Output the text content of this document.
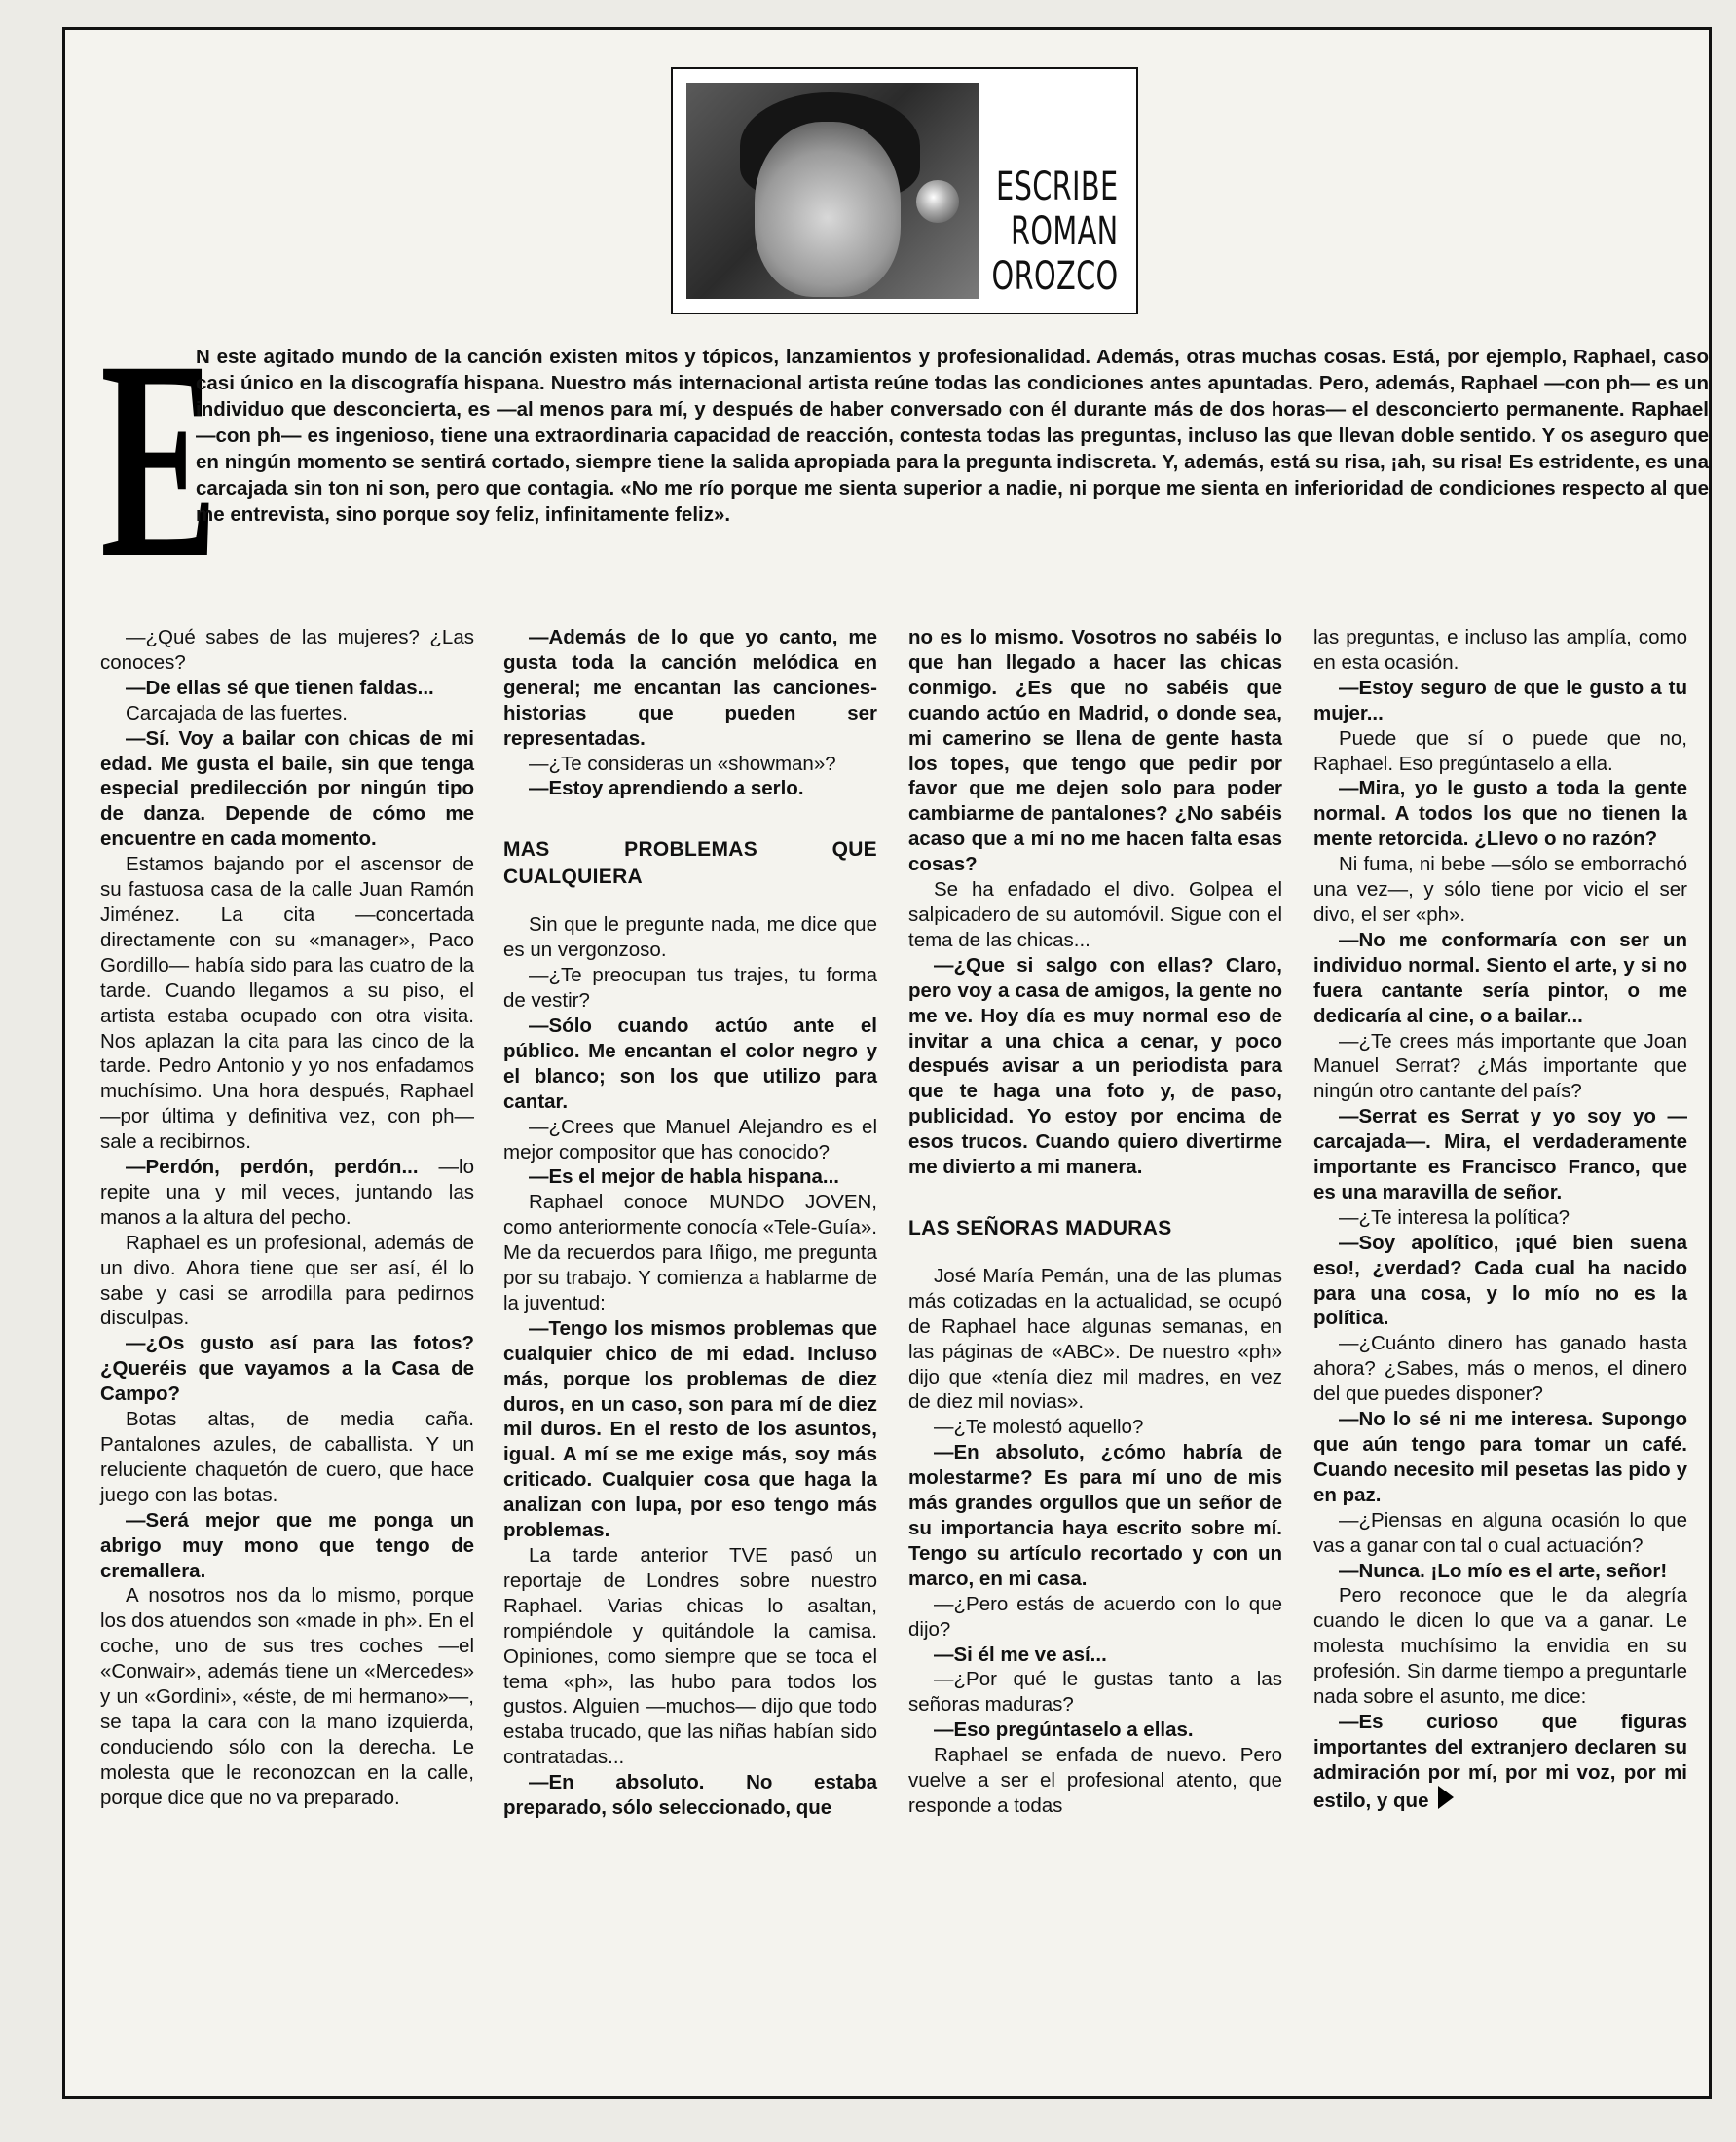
ESCRIBE
ROMAN
OROZCO
E

N este agitado mundo de la canción existen mitos y tópicos, lanzamientos y profesionalidad. Además, otras muchas cosas. Está, por ejemplo, Raphael, caso casi único en la discografía hispana. Nuestro más internacional artista reúne todas las condiciones antes apuntadas. Pero, además, Raphael —con ph— es un individuo que desconcierta, es —al menos para mí, y después de haber conversado con él durante más de dos horas— el desconcierto permanente. Raphael —con ph— es ingenioso, tiene una extraordinaria capacidad de reacción, contesta todas las preguntas, incluso las que llevan doble sentido. Y os aseguro que en ningún momento se sentirá cortado, siempre tiene la salida apropiada para la pregunta indiscreta. Y, además, está su risa, ¡ah, su risa! Es estridente, es una carcajada sin ton ni son, pero que contagia. «No me río porque me sienta superior a nadie, ni porque me sienta en inferioridad de condiciones respecto al que me entrevista, sino porque soy feliz, infinitamente feliz».

—¿Qué sabes de las mujeres? ¿Las conoces?

—De ellas sé que tienen faldas...

Carcajada de las fuertes.

—Sí. Voy a bailar con chicas de mi edad. Me gusta el baile, sin que tenga especial predilección por ningún tipo de danza. Depende de cómo me encuentre en cada momento.

Estamos bajando por el ascensor de su fastuosa casa de la calle Juan Ramón Jiménez. La cita —concertada directamente con su «manager», Paco Gordillo— había sido para las cuatro de la tarde. Cuando llegamos a su piso, el artista estaba ocupado con otra visita. Nos aplazan la cita para las cinco de la tarde. Pedro Antonio y yo nos enfadamos muchísimo. Una hora después, Raphael —por última y definitiva vez, con ph— sale a recibirnos.

—Perdón, perdón, perdón... —lo repite una y mil veces, juntando las manos a la altura del pecho.

Raphael es un profesional, además de un divo. Ahora tiene que ser así, él lo sabe y casi se arrodilla para pedirnos disculpas.

—¿Os gusto así para las fotos? ¿Queréis que vayamos a la Casa de Campo?

Botas altas, de media caña. Pantalones azules, de caballista. Y un reluciente chaquetón de cuero, que hace juego con las botas.

—Será mejor que me ponga un abrigo muy mono que tengo de cremallera.

A nosotros nos da lo mismo, porque los dos atuendos son «made in ph». En el coche, uno de sus tres coches —el «Conwair», además tiene un «Mercedes» y un «Gordini», «éste, de mi hermano»—, se tapa la cara con la mano izquierda, conduciendo sólo con la derecha. Le molesta que le reconozcan en la calle, porque dice que no va preparado.

—Además de lo que yo canto, me gusta toda la canción melódica en general; me encantan las canciones-historias que pueden ser representadas.

—¿Te consideras un «showman»?

—Estoy aprendiendo a serlo.

MAS PROBLEMAS QUE CUALQUIERA

Sin que le pregunte nada, me dice que es un vergonzoso.

—¿Te preocupan tus trajes, tu forma de vestir?

—Sólo cuando actúo ante el público. Me encantan el color negro y el blanco; son los que utilizo para cantar.

—¿Crees que Manuel Alejandro es el mejor compositor que has conocido?

—Es el mejor de habla hispana...

Raphael conoce MUNDO JOVEN, como anteriormente conocía «Tele-Guía». Me da recuerdos para Iñigo, me pregunta por su trabajo. Y comienza a hablarme de la juventud:

—Tengo los mismos problemas que cualquier chico de mi edad. Incluso más, porque los problemas de diez duros, en un caso, son para mí de diez mil duros. En el resto de los asuntos, igual. A mí se me exige más, soy más criticado. Cualquier cosa que haga la analizan con lupa, por eso tengo más problemas.

La tarde anterior TVE pasó un reportaje de Londres sobre nuestro Raphael. Varias chicas lo asaltan, rompiéndole y quitándole la camisa. Opiniones, como siempre que se toca el tema «ph», las hubo para todos los gustos. Alguien —muchos— dijo que todo estaba trucado, que las niñas habían sido contratadas...

—En absoluto. No estaba preparado, sólo seleccionado, que

no es lo mismo. Vosotros no sabéis lo que han llegado a hacer las chicas conmigo. ¿Es que no sabéis que cuando actúo en Madrid, o donde sea, mi camerino se llena de gente hasta los topes, que tengo que pedir por favor que me dejen solo para poder cambiarme de pantalones? ¿No sabéis acaso que a mí no me hacen falta esas cosas?

Se ha enfadado el divo. Golpea el salpicadero de su automóvil. Sigue con el tema de las chicas...

—¿Que si salgo con ellas? Claro, pero voy a casa de amigos, la gente no me ve. Hoy día es muy normal eso de invitar a una chica a cenar, y poco después avisar a un periodista para que te haga una foto y, de paso, publicidad. Yo estoy por encima de esos trucos. Cuando quiero divertirme me divierto a mi manera.

LAS SEÑORAS MADURAS

José María Pemán, una de las plumas más cotizadas en la actualidad, se ocupó de Raphael hace algunas semanas, en las páginas de «ABC». De nuestro «ph» dijo que «tenía diez mil madres, en vez de diez mil novias».

—¿Te molestó aquello?

—En absoluto, ¿cómo habría de molestarme? Es para mí uno de mis más grandes orgullos que un señor de su importancia haya escrito sobre mí. Tengo su artículo recortado y con un marco, en mi casa.

—¿Pero estás de acuerdo con lo que dijo?

—Si él me ve así...

—¿Por qué le gustas tanto a las señoras maduras?

—Eso pregúntaselo a ellas.

Raphael se enfada de nuevo. Pero vuelve a ser el profesional atento, que responde a todas

las preguntas, e incluso las amplía, como en esta ocasión.

—Estoy seguro de que le gusto a tu mujer...

Puede que sí o puede que no, Raphael. Eso pregúntaselo a ella.

—Mira, yo le gusto a toda la gente normal. A todos los que no tienen la mente retorcida. ¿Llevo o no razón?

Ni fuma, ni bebe —sólo se emborrachó una vez—, y sólo tiene por vicio el ser divo, el ser «ph».

—No me conformaría con ser un individuo normal. Siento el arte, y si no fuera cantante sería pintor, o me dedicaría al cine, o a bailar...

—¿Te crees más importante que Joan Manuel Serrat? ¿Más importante que ningún otro cantante del país?

—Serrat es Serrat y yo soy yo —carcajada—. Mira, el verdaderamente importante es Francisco Franco, que es una maravilla de señor.

—¿Te interesa la política?

—Soy apolítico, ¡qué bien suena eso!, ¿verdad? Cada cual ha nacido para una cosa, y lo mío no es la política.

—¿Cuánto dinero has ganado hasta ahora? ¿Sabes, más o menos, el dinero del que puedes disponer?

—No lo sé ni me interesa. Supongo que aún tengo para tomar un café. Cuando necesito mil pesetas las pido y en paz.

—¿Piensas en alguna ocasión lo que vas a ganar con tal o cual actuación?

—Nunca. ¡Lo mío es el arte, señor!

Pero reconoce que le da alegría cuando le dicen lo que va a ganar. Le molesta muchísimo la envidia en su profesión. Sin darme tiempo a preguntarle nada sobre el asunto, me dice:

—Es curioso que figuras importantes del extranjero declaren su admiración por mí, por mi voz, por mi estilo, y que
